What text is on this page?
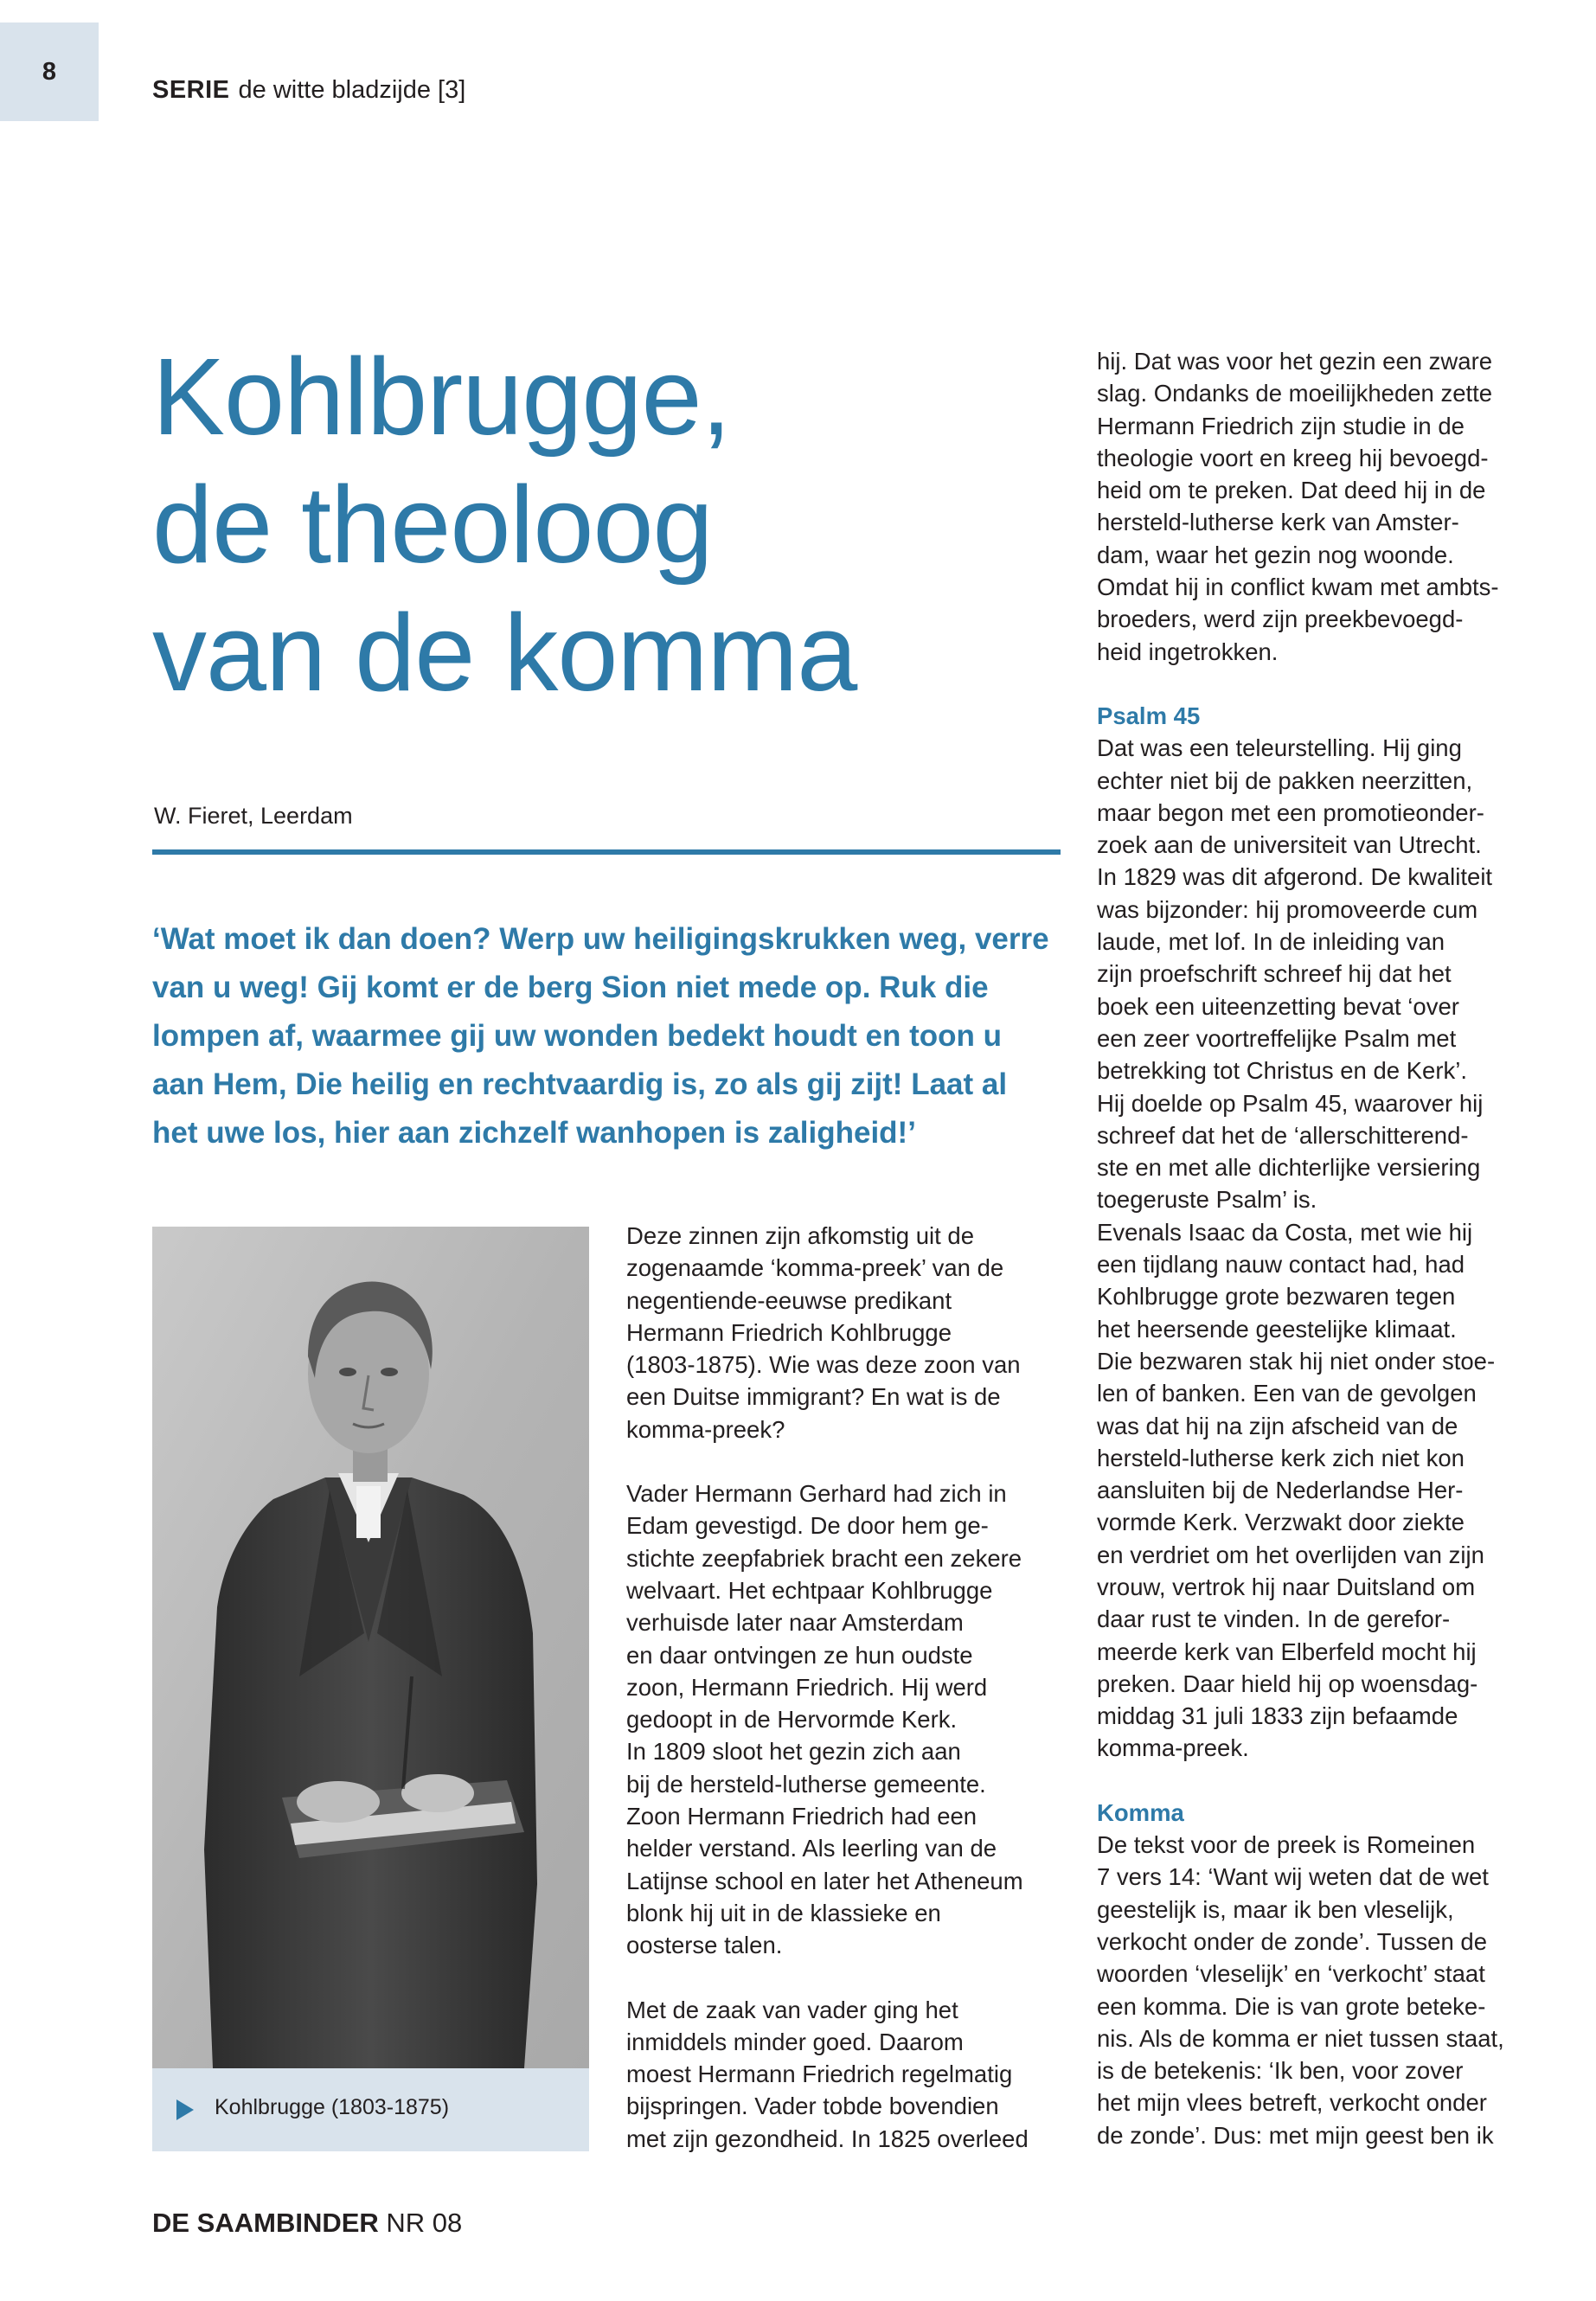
8
SERIE de witte bladzijde [3]
Kohlbrugge,
de theoloog
van de komma
W. Fieret, Leerdam
‘Wat moet ik dan doen? Werp uw heiligingskrukken weg, verre
van u weg! Gij komt er de berg Sion niet mede op. Ruk die
lompen af, waarmee gij uw wonden bedekt houdt en toon u
aan Hem, Die heilig en rechtvaardig is, zo als gij zijt! Laat al
het uwe los, hier aan zichzelf wanhopen is zaligheid!’
Kohlbrugge (1803-1875)
Deze zinnen zijn afkomstig uit de
zogenaamde ‘komma-preek’ van de
negentiende-eeuwse predikant
Hermann Friedrich Kohlbrugge
(1803-1875). Wie was deze zoon van
een Duitse immigrant? En wat is de
komma-preek?
Vader Hermann Gerhard had zich in
Edam gevestigd. De door hem ge-
stichte zeepfabriek bracht een zekere
welvaart. Het echtpaar Kohlbrugge
verhuisde later naar Amsterdam
en daar ontvingen ze hun oudste
zoon, Hermann Friedrich. Hij werd
gedoopt in de Hervormde Kerk.
In 1809 sloot het gezin zich aan
bij de hersteld-lutherse gemeente.
Zoon Hermann Friedrich had een
helder verstand. Als leerling van de
Latijnse school en later het Atheneum
blonk hij uit in de klassieke en
oosterse talen.
Met de zaak van vader ging het
inmiddels minder goed. Daarom
moest Hermann Friedrich regelmatig
bijspringen. Vader tobde bovendien
met zijn gezondheid. In 1825 overleed
hij. Dat was voor het gezin een zware
slag. Ondanks de moeilijkheden zette
Hermann Friedrich zijn studie in de
theologie voort en kreeg hij bevoegd-
heid om te preken. Dat deed hij in de
hersteld-lutherse kerk van Amster-
dam, waar het gezin nog woonde.
Omdat hij in conflict kwam met ambts-
broeders, werd zijn preekbevoegd-
heid ingetrokken.
Psalm 45
Dat was een teleurstelling. Hij ging
echter niet bij de pakken neerzitten,
maar begon met een promotieonder-
zoek aan de universiteit van Utrecht.
In 1829 was dit afgerond. De kwaliteit
was bijzonder: hij promoveerde cum
laude, met lof. In de inleiding van
zijn proefschrift schreef hij dat het
boek een uiteenzetting bevat ‘over
een zeer voortreffelijke Psalm met
betrekking tot Christus en de Kerk’.
Hij doelde op Psalm 45, waarover hij
schreef dat het de ‘allerschitterend-
ste en met alle dichterlijke versiering
toegeruste Psalm’ is.
Evenals Isaac da Costa, met wie hij
een tijdlang nauw contact had, had
Kohlbrugge grote bezwaren tegen
het heersende geestelijke klimaat.
Die bezwaren stak hij niet onder stoe-
len of banken. Een van de gevolgen
was dat hij na zijn afscheid van de
hersteld-lutherse kerk zich niet kon
aansluiten bij de Nederlandse Her-
vormde Kerk. Verzwakt door ziekte
en verdriet om het overlijden van zijn
vrouw, vertrok hij naar Duitsland om
daar rust te vinden. In de gerefor-
meerde kerk van Elberfeld mocht hij
preken. Daar hield hij op woensdag-
middag 31 juli 1833 zijn befaamde
komma-preek.
Komma
De tekst voor de preek is Romeinen
7 vers 14: ‘Want wij weten dat de wet
geestelijk is, maar ik ben vleselijk,
verkocht onder de zonde’. Tussen de
woorden ‘vleselijk’ en ‘verkocht’ staat
een komma. Die is van grote beteke-
nis. Als de komma er niet tussen staat,
is de betekenis: ‘Ik ben, voor zover
het mijn vlees betreft, verkocht onder
de zonde’. Dus: met mijn geest ben ik
DE SAAMBINDER NR 08
